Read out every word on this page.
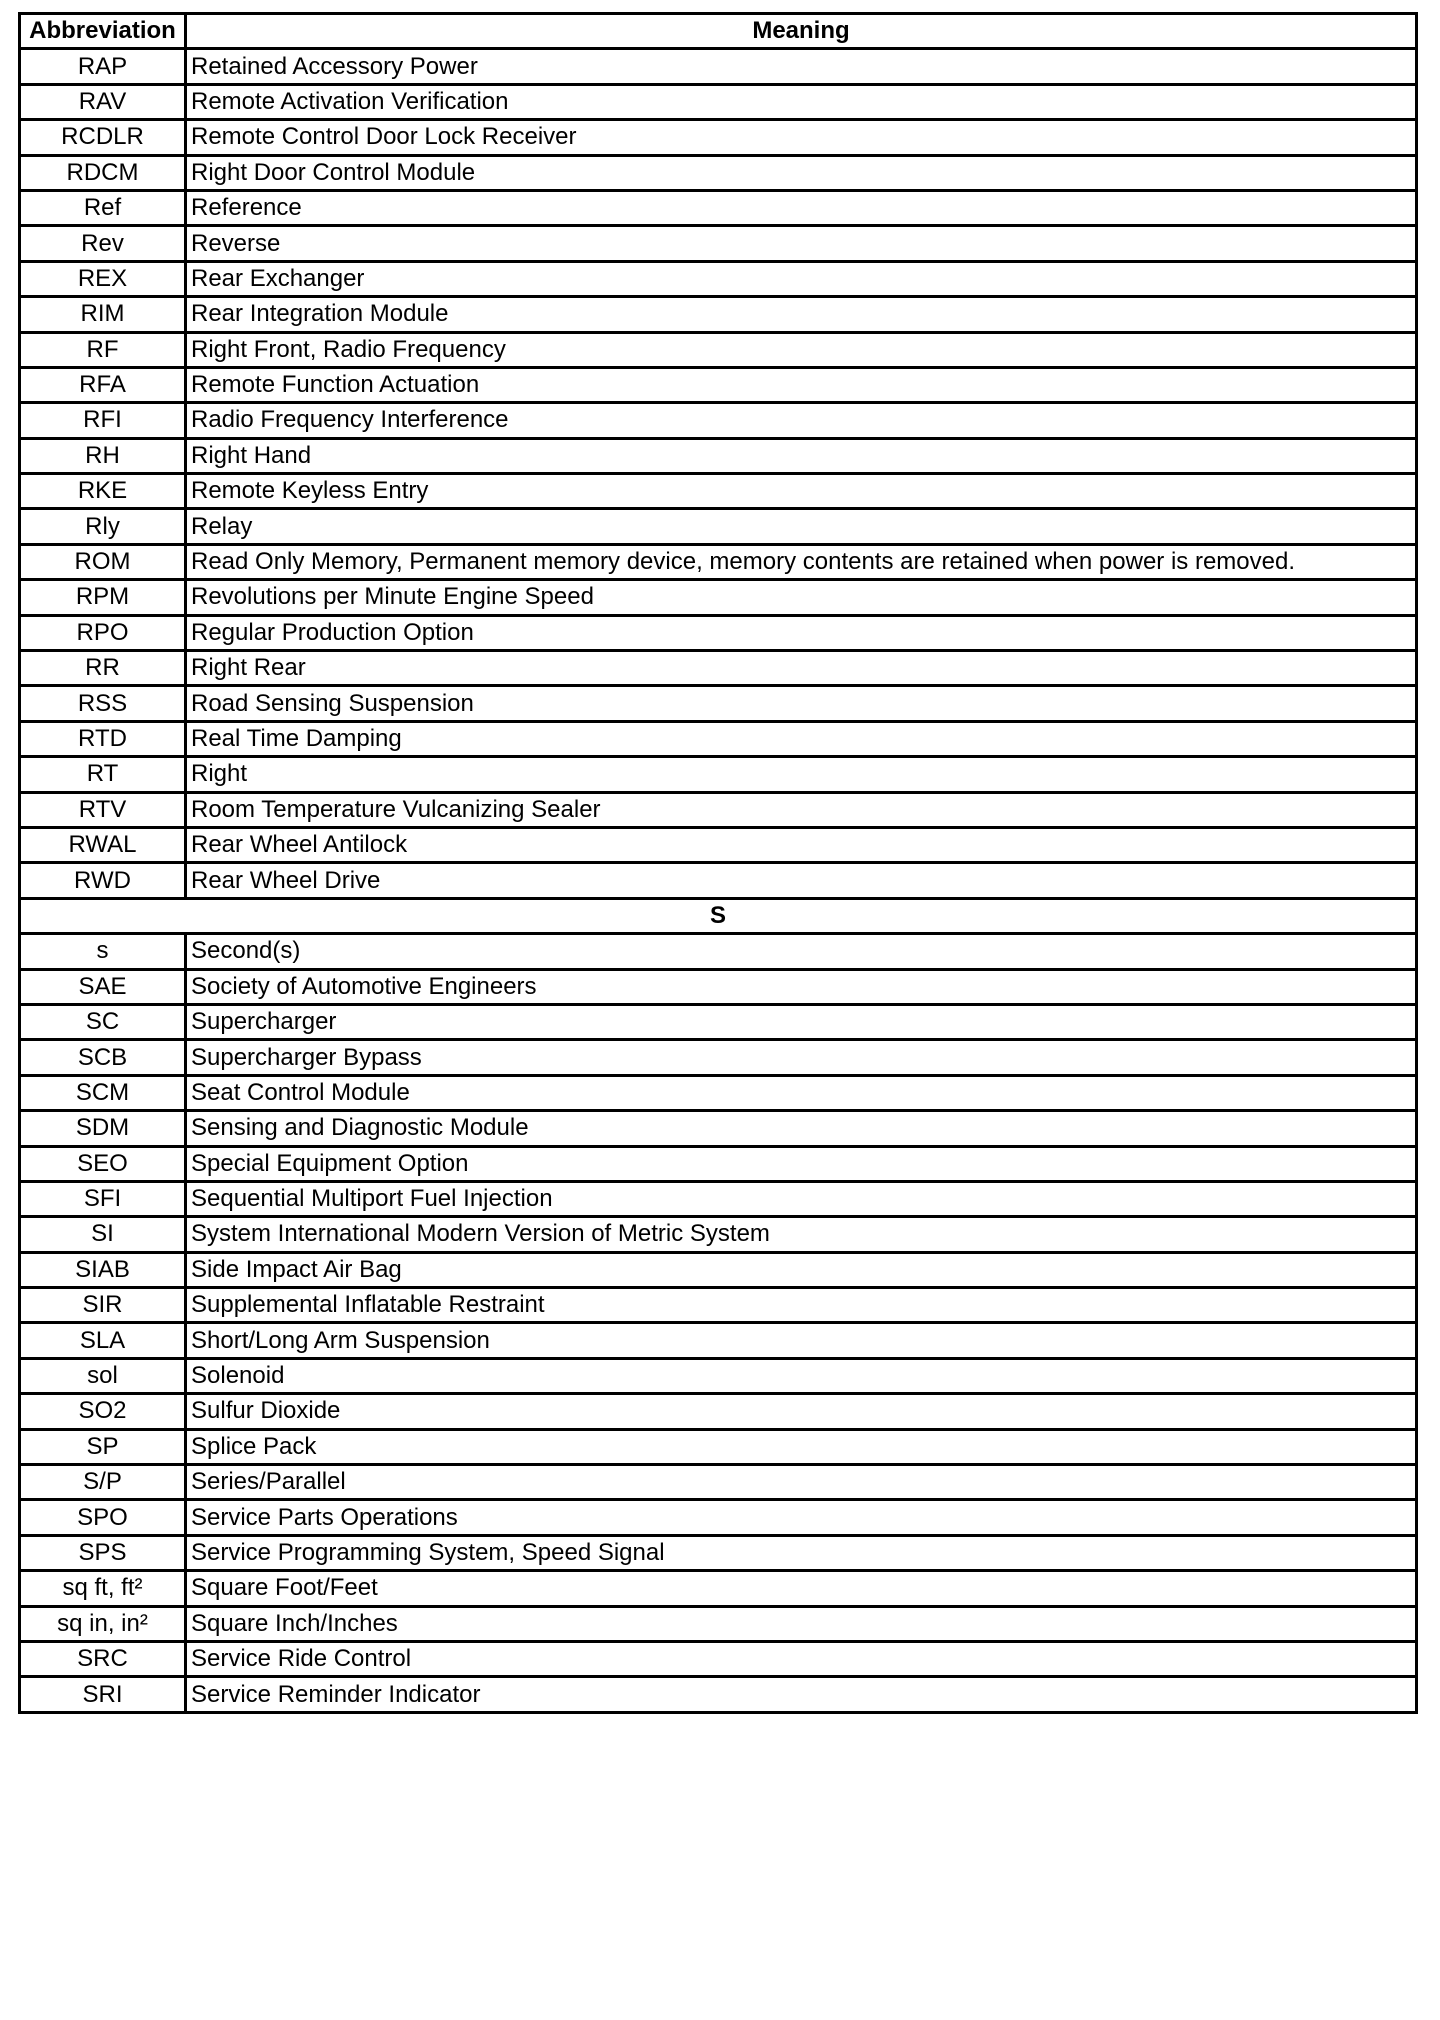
Abbreviation	Meaning
RAP	Retained Accessory Power
RAV	Remote Activation Verification
RCDLR	Remote Control Door Lock Receiver
RDCM	Right Door Control Module
Ref	Reference
Rev	Reverse
REX	Rear Exchanger
RIM	Rear Integration Module
RF	Right Front, Radio Frequency
RFA	Remote Function Actuation
RFI	Radio Frequency Interference
RH	Right Hand
RKE	Remote Keyless Entry
Rly	Relay
ROM	Read Only Memory, Permanent memory device, memory contents are retained when power is removed.
RPM	Revolutions per Minute Engine Speed
RPO	Regular Production Option
RR	Right Rear
RSS	Road Sensing Suspension
RTD	Real Time Damping
RT	Right
RTV	Room Temperature Vulcanizing Sealer
RWAL	Rear Wheel Antilock
RWD	Rear Wheel Drive
S	
s	Second(s)
SAE	Society of Automotive Engineers
SC	Supercharger
SCB	Supercharger Bypass
SCM	Seat Control Module
SDM	Sensing and Diagnostic Module
SEO	Special Equipment Option
SFI	Sequential Multiport Fuel Injection
SI	System International Modern Version of Metric System
SIAB	Side Impact Air Bag
SIR	Supplemental Inflatable Restraint
SLA	Short/Long Arm Suspension
sol	Solenoid
SO2	Sulfur Dioxide
SP	Splice Pack
S/P	Series/Parallel
SPO	Service Parts Operations
SPS	Service Programming System, Speed Signal
sq ft, ft²	Square Foot/Feet
sq in, in²	Square Inch/Inches
SRC	Service Ride Control
SRI	Service Reminder Indicator
